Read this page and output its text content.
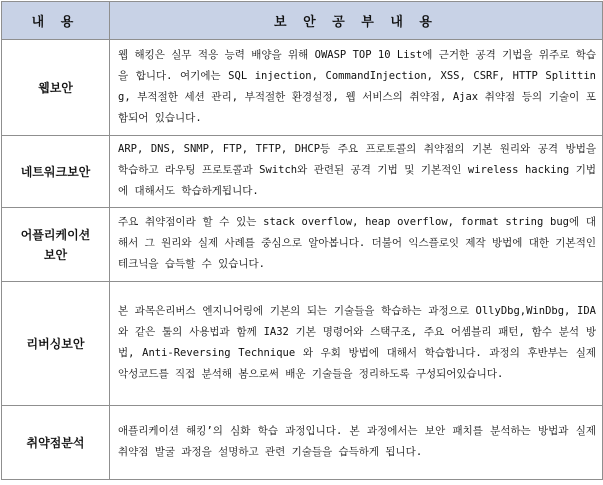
내 용	보 안 공 부 내 용
웹보안	웹 해킹은 실무 적응 능력 배양을 위해 OWASP TOP 10 List에 근거한 공격 기법을 위주로 학습을 합니다. 여기에는 SQL injection, CommandInjection, XSS, CSRF, HTTP Splitting, 부적절한 세션 관리, 부적절한 환경설정, 웹 서비스의 취약점, Ajax 취약점 등의 기술이 포함되어 있습니다.
네트워크보안	ARP, DNS, SNMP, FTP, TFTP, DHCP등 주요 프로토콜의 취약점의 기본 원리와 공격 방법을 학습하고 라우팅 프로토콜과 Switch와 관련된 공격 기법 및 기본적인 wireless hacking 기법에 대해서도 학습하게됩니다.
어플리케이션 보안	주요 취약점이라 할 수 있는 stack overflow, heap overflow, format string bug에 대해서 그 원리와 실제 사례를 중심으로 알아봅니다. 더불어 익스플로잇 제작 방법에 대한 기본적인 테크닉을 습득할 수 있습니다.
리버싱보안	본 과목은리버스 엔지니어링에 기본의 되는 기술들을 학습하는 과정으로 OllyDbg,WinDbg, IDA와 같은 툴의 사용법과 함께 IA32 기본 명령어와 스택구조, 주요 어셈블리 패턴, 함수 분석 방법, Anti-Reversing Technique 와 우회 방법에 대해서 학습합니다. 과정의 후반부는 실제 악성코드를 직접 분석해 봄으로써 배운 기술들을 정리하도록 구성되어있습니다.
취약점분석	애플리케이션 해킹’의 심화 학습 과정입니다. 본 과정에서는 보안 패치를 분석하는 방법과 실제 취약점 발굴 과정을 설명하고 관련 기술들을 습득하게 됩니다.
